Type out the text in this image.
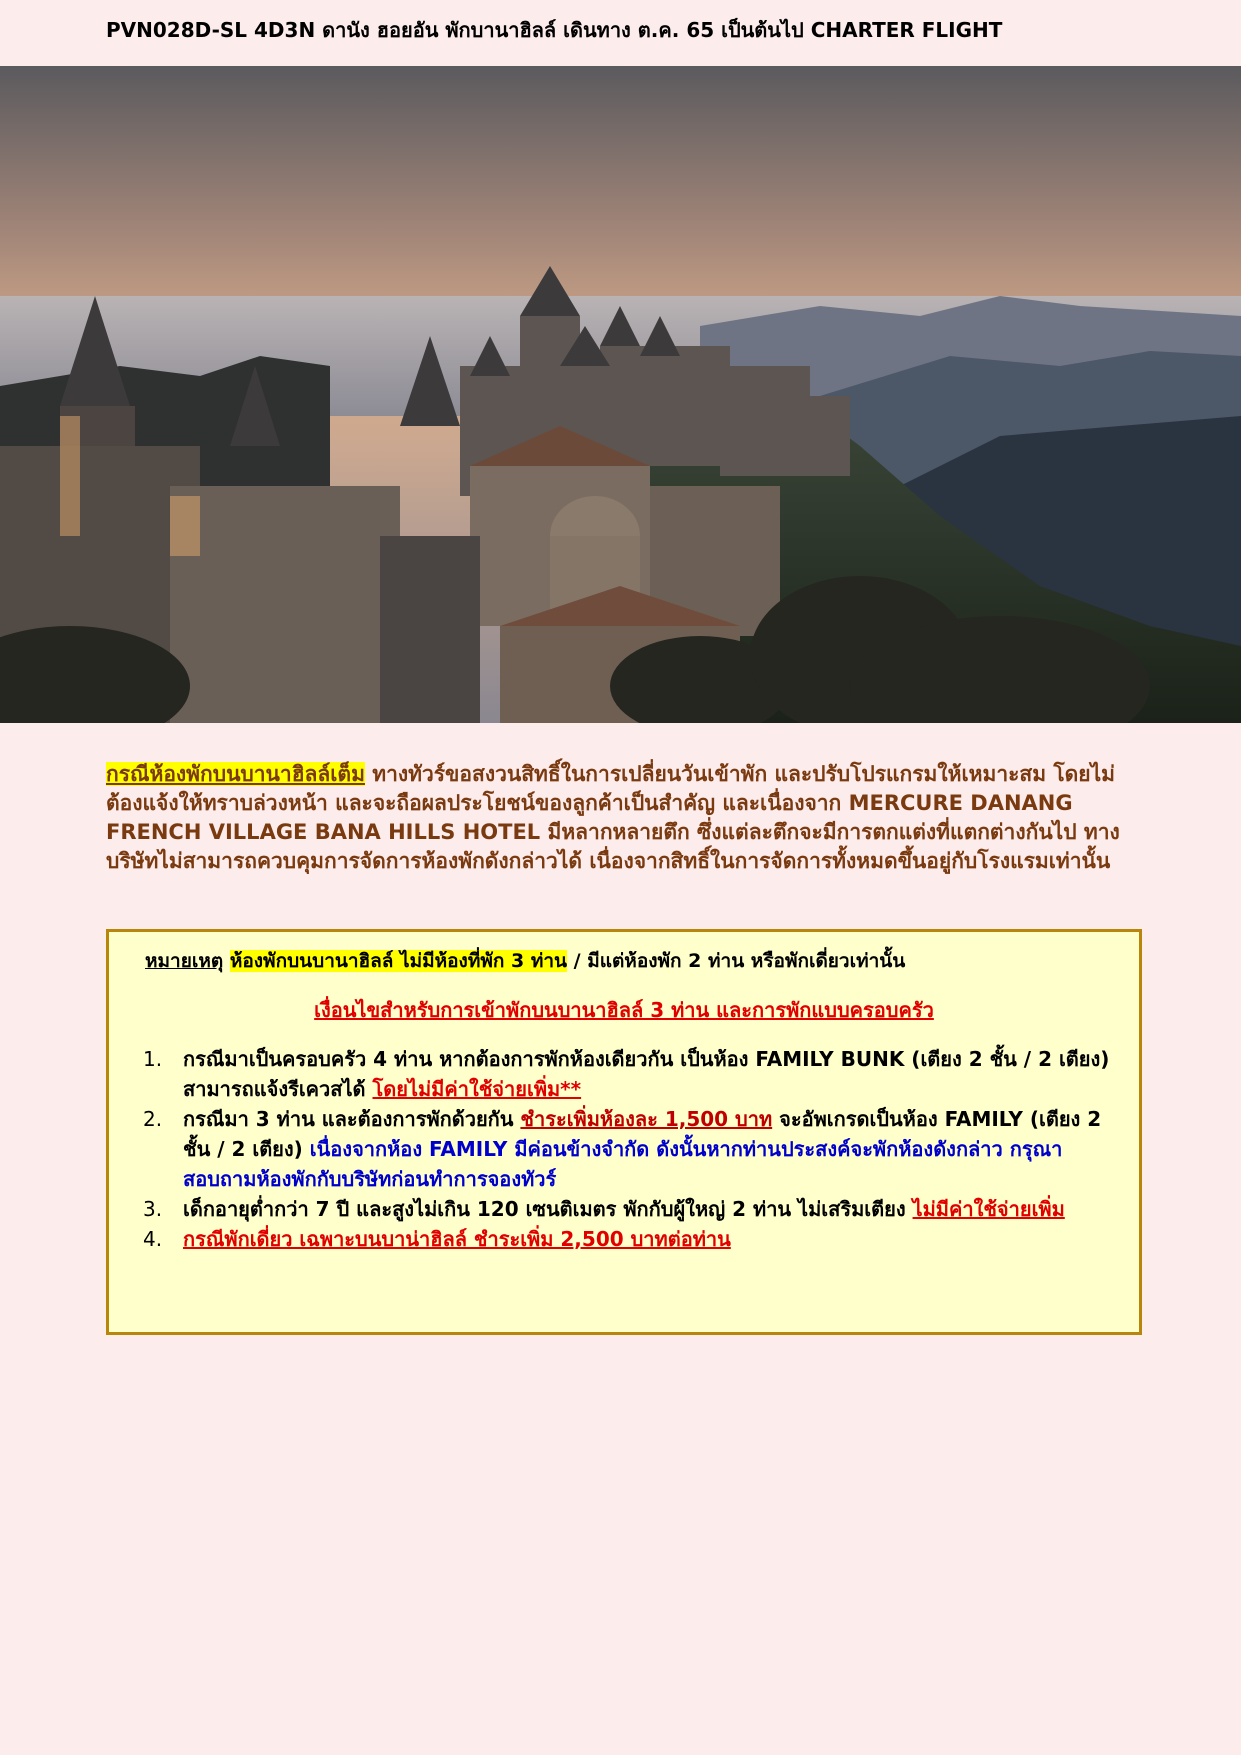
PVN028D-SL 4D3N ดานัง ฮอยอัน พักบานาฮิลล์ เดินทาง ต.ค. 65 เป็นต้นไป CHARTER FLIGHT
กรณีห้องพักบนบานาฮิลล์เต็ม ทางทัวร์ขอสงวนสิทธิ์ในการเปลี่ยนวันเข้าพัก และปรับโปรแกรมให้เหมาะสม โดยไม่ต้องแจ้งให้ทราบล่วงหน้า และจะถือผลประโยชน์ของลูกค้าเป็นสำคัญ และเนื่องจาก MERCURE DANANG FRENCH VILLAGE BANA HILLS HOTEL มีหลากหลายตึก ซึ่งแต่ละตึกจะมีการตกแต่งที่แตกต่างกันไป ทางบริษัทไม่สามารถควบคุมการจัดการห้องพักดังกล่าวได้ เนื่องจากสิทธิ์ในการจัดการทั้งหมดขึ้นอยู่กับโรงแรมเท่านั้น
หมายเหตุ ห้องพักบนบานาฮิลล์ ไม่มีห้องที่พัก 3 ท่าน / มีแต่ห้องพัก 2 ท่าน หรือพักเดี่ยวเท่านั้น
เงื่อนไขสำหรับการเข้าพักบนบานาฮิลล์ 3 ท่าน และการพักแบบครอบครัว
1. กรณีมาเป็นครอบครัว 4 ท่าน หากต้องการพักห้องเดียวกัน เป็นห้อง FAMILY BUNK (เตียง 2 ชั้น / 2 เตียง) สามารถแจ้งรีเควสได้ โดยไม่มีค่าใช้จ่ายเพิ่ม**
2. กรณีมา 3 ท่าน และต้องการพักด้วยกัน ชำระเพิ่มห้องละ 1,500 บาท จะอัพเกรดเป็นห้อง FAMILY (เตียง 2 ชั้น / 2 เตียง) เนื่องจากห้อง FAMILY มีค่อนข้างจำกัด ดังนั้นหากท่านประสงค์จะพักห้องดังกล่าว กรุณาสอบถามห้องพักกับบริษัทก่อนทำการจองทัวร์
3. เด็กอายุต่ำกว่า 7 ปี และสูงไม่เกิน 120 เซนติเมตร พักกับผู้ใหญ่ 2 ท่าน ไม่เสริมเตียง ไม่มีค่าใช้จ่ายเพิ่ม
4. กรณีพักเดี่ยว เฉพาะบนบาน่าฮิลล์ ชำระเพิ่ม 2,500 บาทต่อท่าน
